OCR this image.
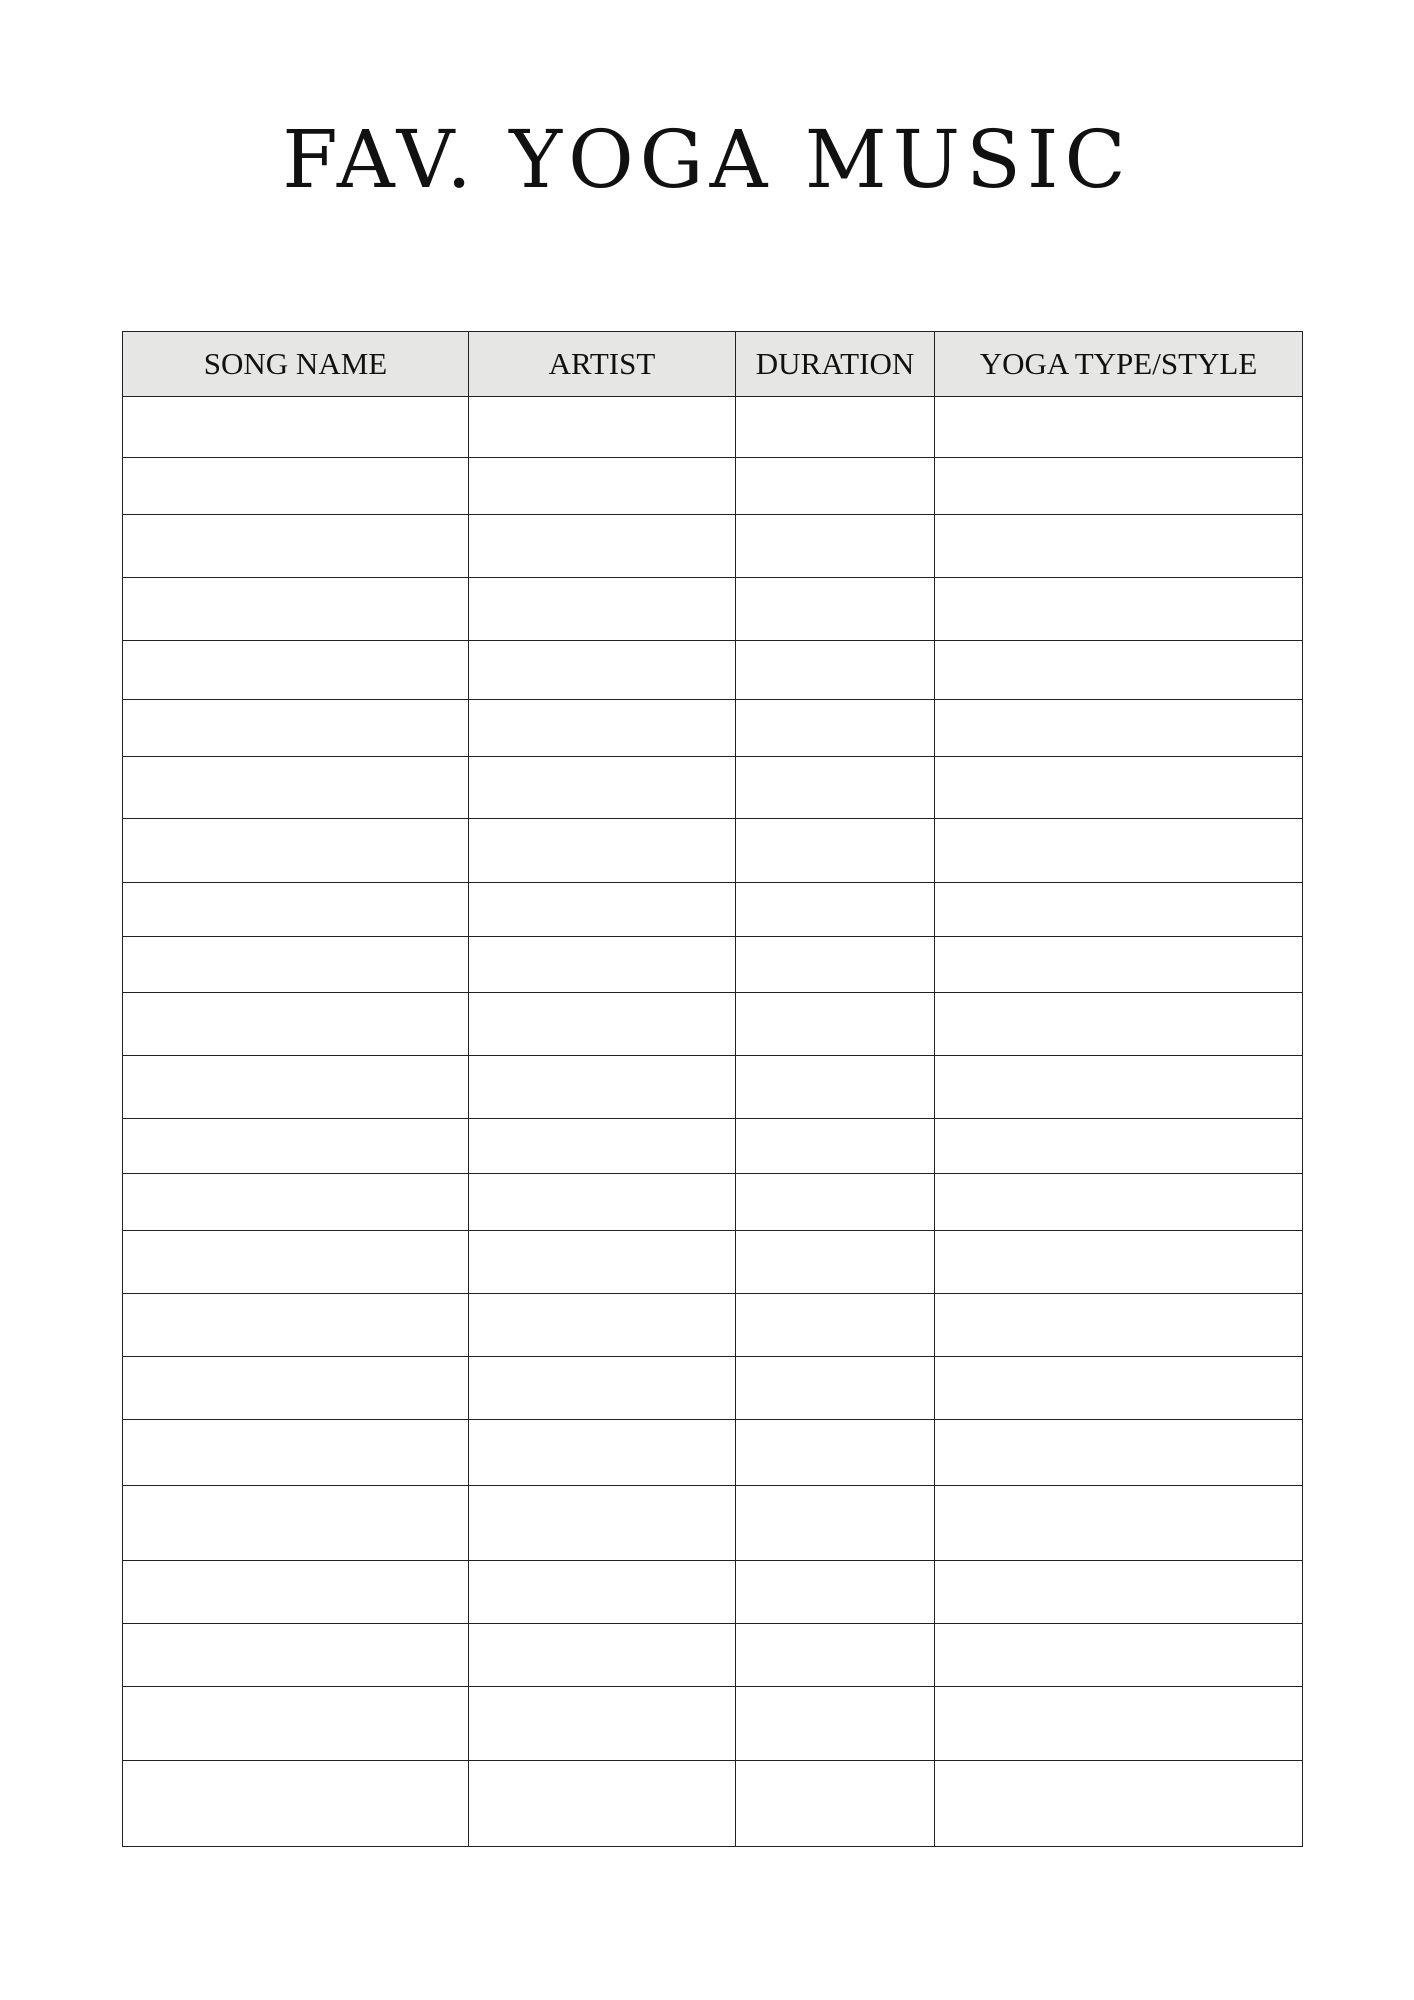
FAV. YOGA MUSIC
SONG NAME	ARTIST	DURATION	YOGA TYPE/STYLE
